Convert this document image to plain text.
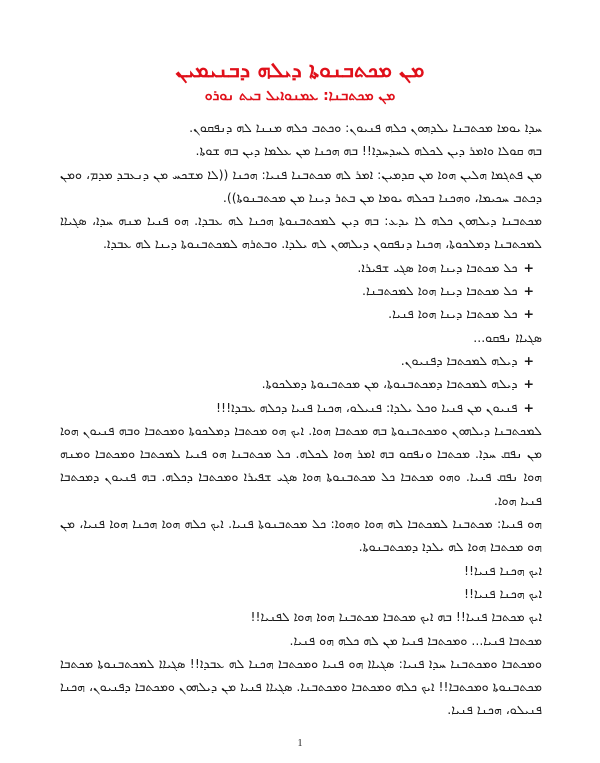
ܡܢ ܡܟܬܒܢܘܬܐ ܕܝܠܗ ܕܒܢܝܡܝܢ
ܡܢ ܡܟܬܒܢܐ: ܥܡܢܘܐܝܠ ܒܝܬ ܢܘܪܘ

ܚܕܐ ܝܘܡܐ ܡܟܬܒܢܐ ܝܠܕܗܘܢ ܟܠܗ ܦܢܝܘܢ: ܘܟܬܒ ܟܠܗ ܡܢܢܐ ܠܗ ܕܢܦܩܘܢ.

ܒܗ ܩܘܠܐ ܘܐܡܪ ܕܝܢ ܠܟܠܗ ܠܚܕܚܕܐ!! ܒܗ ܗܟܢܐ ܡܢ ܥܠܡܐ ܕܝܢ ܒܗ ܫܘܬܐ.

ܡܢ ܦܬܓܡܐ ܗܠܝܢ ܗܘܐ ܡܢ ܩܕܡܝܢ: ܐܡܪ ܠܗ ܡܟܬܒܢܐ ܦܢܝܐ: ܗܟܢܐ ((ܠܐ ܡܫܟܚ ܡܢ ܕܢܥܒܕ ܡܕܡ، ܘܡܢ ܕܟܬܒ ܚܟܝܡܐ، ܘܗܟܢܐ ܒܟܠܗ ܝܘܡܐ ܡܢ ܒܬܪ ܕܝܢܐ ܡܢ ܡܟܬܒܢܘܬܐ)).

ܡܟܬܒܢܐ ܕܝܠܗܘܢ ܟܠܗ ܠܐ ܝܕܥ: ܒܗ ܕܝܢ ܠܡܟܬܒܢܘܬܐ ܗܟܢܐ ܠܗ ܥܒܕܐ. ܗܘ ܦܢܝܐ ܡܢܗ ܚܕܐ، ܣܓܝܐܐ ܠܡܟܬܒܢܐ ܕܡܠܟܘܬܐ، ܗܟܢܐ ܕܢܦܩܘܢ ܕܝܠܗܘܢ ܠܗ ܝܠܕܐ. ܘܒܬܪܗ ܠܡܟܬܒܢܘܬܐ ܕܝܢܐ ܠܗ ܥܒܕܐ.

+ܟܠ ܡܟܬܒܐ ܕܝܢܐ ܗܘܐ ܣܓܝ ܫܦܝܪܐ.

+ܟܠ ܡܟܬܒܐ ܕܝܢܐ ܗܘܐ ܠܡܟܬܒܢܐ.

+ܟܠ ܡܟܬܒܐ ܕܝܢܐ ܗܘܐ ܦܢܝܐ.

ܣܓܝܐܐ ܢܦܩܘ...

+ܕܝܠܗ ܠܡܟܬܒܐ ܕܦܢܝܘܢ.

+ܕܝܠܗ ܠܡܟܬܒܐ ܕܡܟܬܒܢܘܬܐ، ܡܢ ܡܟܬܒܢܘܬܐ ܕܡܠܟܘܬܐ.

+ܦܢܝܘܢ ܡܢ ܦܢܝܐ ܘܟܠ ܝܠܕܐ: ܦܢܝܠܘ، ܗܟܢܐ ܦܢܝܐ ܕܟܠܗ ܥܒܕܐ!!!

ܠܡܟܬܒܢܐ ܕܝܠܗܘܢ ܘܡܟܬܒܢܘܬܐ ܒܗ ܡܟܬܒܐ ܗܘܐ. ܐܝܟ ܗܘ ܡܟܬܒܐ ܕܡܠܟܘܬܐ ܘܡܟܬܒܐ ܘܒܗ ܦܢܝܘܢ ܗܘܐ ܡܢ ܢܦܩ ܚܕܐ. ܡܟܬܒܐ ܘܢܦܩܘ ܒܗ ܐܡܪ ܗܘܐ ܠܟܠܗ. ܟܠ ܡܟܬܒܢܐ ܗܘ ܦܢܝܐ ܠܡܟܬܒܐ ܘܡܟܬܒܐ ܘܡܢܗ ܗܘܐ ܢܦܩ ܦܢܝܐ. ܘܗܘ ܡܟܬܒܐ ܟܠ ܡܟܬܒܢܘܬܐ ܗܘܐ ܣܓܝ ܫܦܝܪܐ ܘܡܟܬܒܐ ܕܟܠܗ. ܒܗ ܦܢܝܘܢ ܕܡܟܬܒܐ ܦܢܝܐ ܗܘܐ.

ܗܘ ܦܢܝܐ: ܡܟܬܒܢܐ ܠܡܟܬܒܐ ܠܗ ܗܘܐ ܘܗܘܐ: ܟܠ ܡܟܬܒܢܘܬܐ ܦܢܝܐ. ܐܝܟ ܟܠܗ ܗܘܐ ܗܟܢܐ ܗܘܐ ܦܢܝܐ، ܡܢ ܗܘ ܡܟܬܒܐ ܗܘܐ ܠܗ ܝܠܕܐ ܕܡܟܬܒܢܘܬܐ.

ܐܝܟ ܗܟܢܐ ܦܢܝܐ!!

ܐܝܟ ܗܟܢܐ ܦܢܝܐ!!

ܐܝܟ ܡܟܬܒܐ ܦܢܝܐ!! ܒܗ ܐܝܟ ܡܟܬܒܐ ܡܟܬܒܢܐ ܗܘܐ ܗܘܐ ܠܦܢܝܐ!!

ܡܟܬܒܐ ܦܢܝܐ... ܘܡܟܬܒܐ ܦܢܝܐ ܡܢ ܠܗ ܟܠܗ ܗܘ ܦܢܝܐ.

ܘܡܟܬܒܐ ܘܡܟܬܒܢܐ ܚܕܐ ܦܢܝܐ: ܣܓܝܐܐ ܗܘ ܦܢܝܐ ܘܡܟܬܒܐ ܗܟܢܐ ܠܗ ܥܒܕܐ!! ܣܓܝܐܐ ܠܡܟܬܒܢܘܬܐ ܡܟܬܒܐ ܡܟܬܒܢܘܬܐ ܘܡܟܬܒܐ!! ܐܝܟ ܟܠܗ ܘܡܟܬܒܐ ܘܡܟܬܒܢܐ. ܣܓܝܐܐ ܦܢܝܐ ܡܢ ܕܝܠܗܘܢ ܘܡܟܬܒܐ ܕܦܢܝܘܢ، ܗܟܢܐ ܦܢܝܠܘ، ܗܟܢܐ ܦܢܝܐ.

1
